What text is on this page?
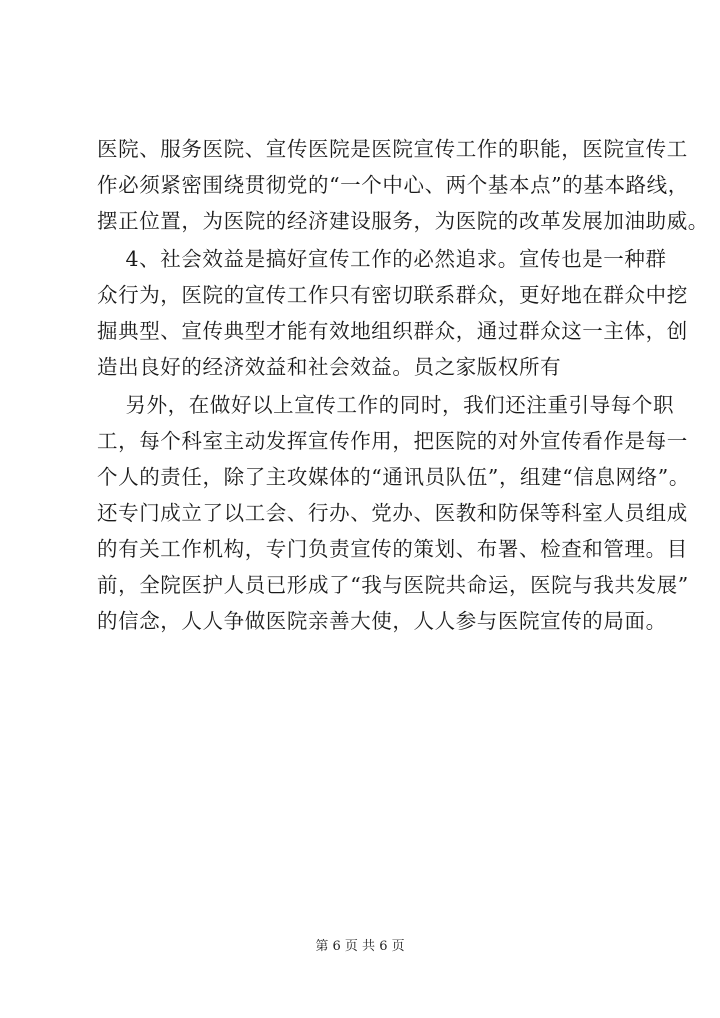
医院、服务医院、宣传医院是医院宣传工作的职能，医院宣传工
作必须紧密围绕贯彻党的“一个中心、两个基本点”的基本路线，
摆正位置，为医院的经济建设服务，为医院的改革发展加油助威。
4、社会效益是搞好宣传工作的必然追求。宣传也是一种群
众行为，医院的宣传工作只有密切联系群众，更好地在群众中挖
掘典型、宣传典型才能有效地组织群众，通过群众这一主体，创
造出良好的经济效益和社会效益。员之家版权所有
另外，在做好以上宣传工作的同时，我们还注重引导每个职
工，每个科室主动发挥宣传作用，把医院的对外宣传看作是每一
个人的责任，除了主攻媒体的“通讯员队伍”，组建“信息网络”。
还专门成立了以工会、行办、党办、医教和防保等科室人员组成
的有关工作机构，专门负责宣传的策划、布署、检查和管理。目
前，全院医护人员已形成了“我与医院共命运，医院与我共发展”
的信念，人人争做医院亲善大使，人人参与医院宣传的局面。
第 6 页 共 6 页
